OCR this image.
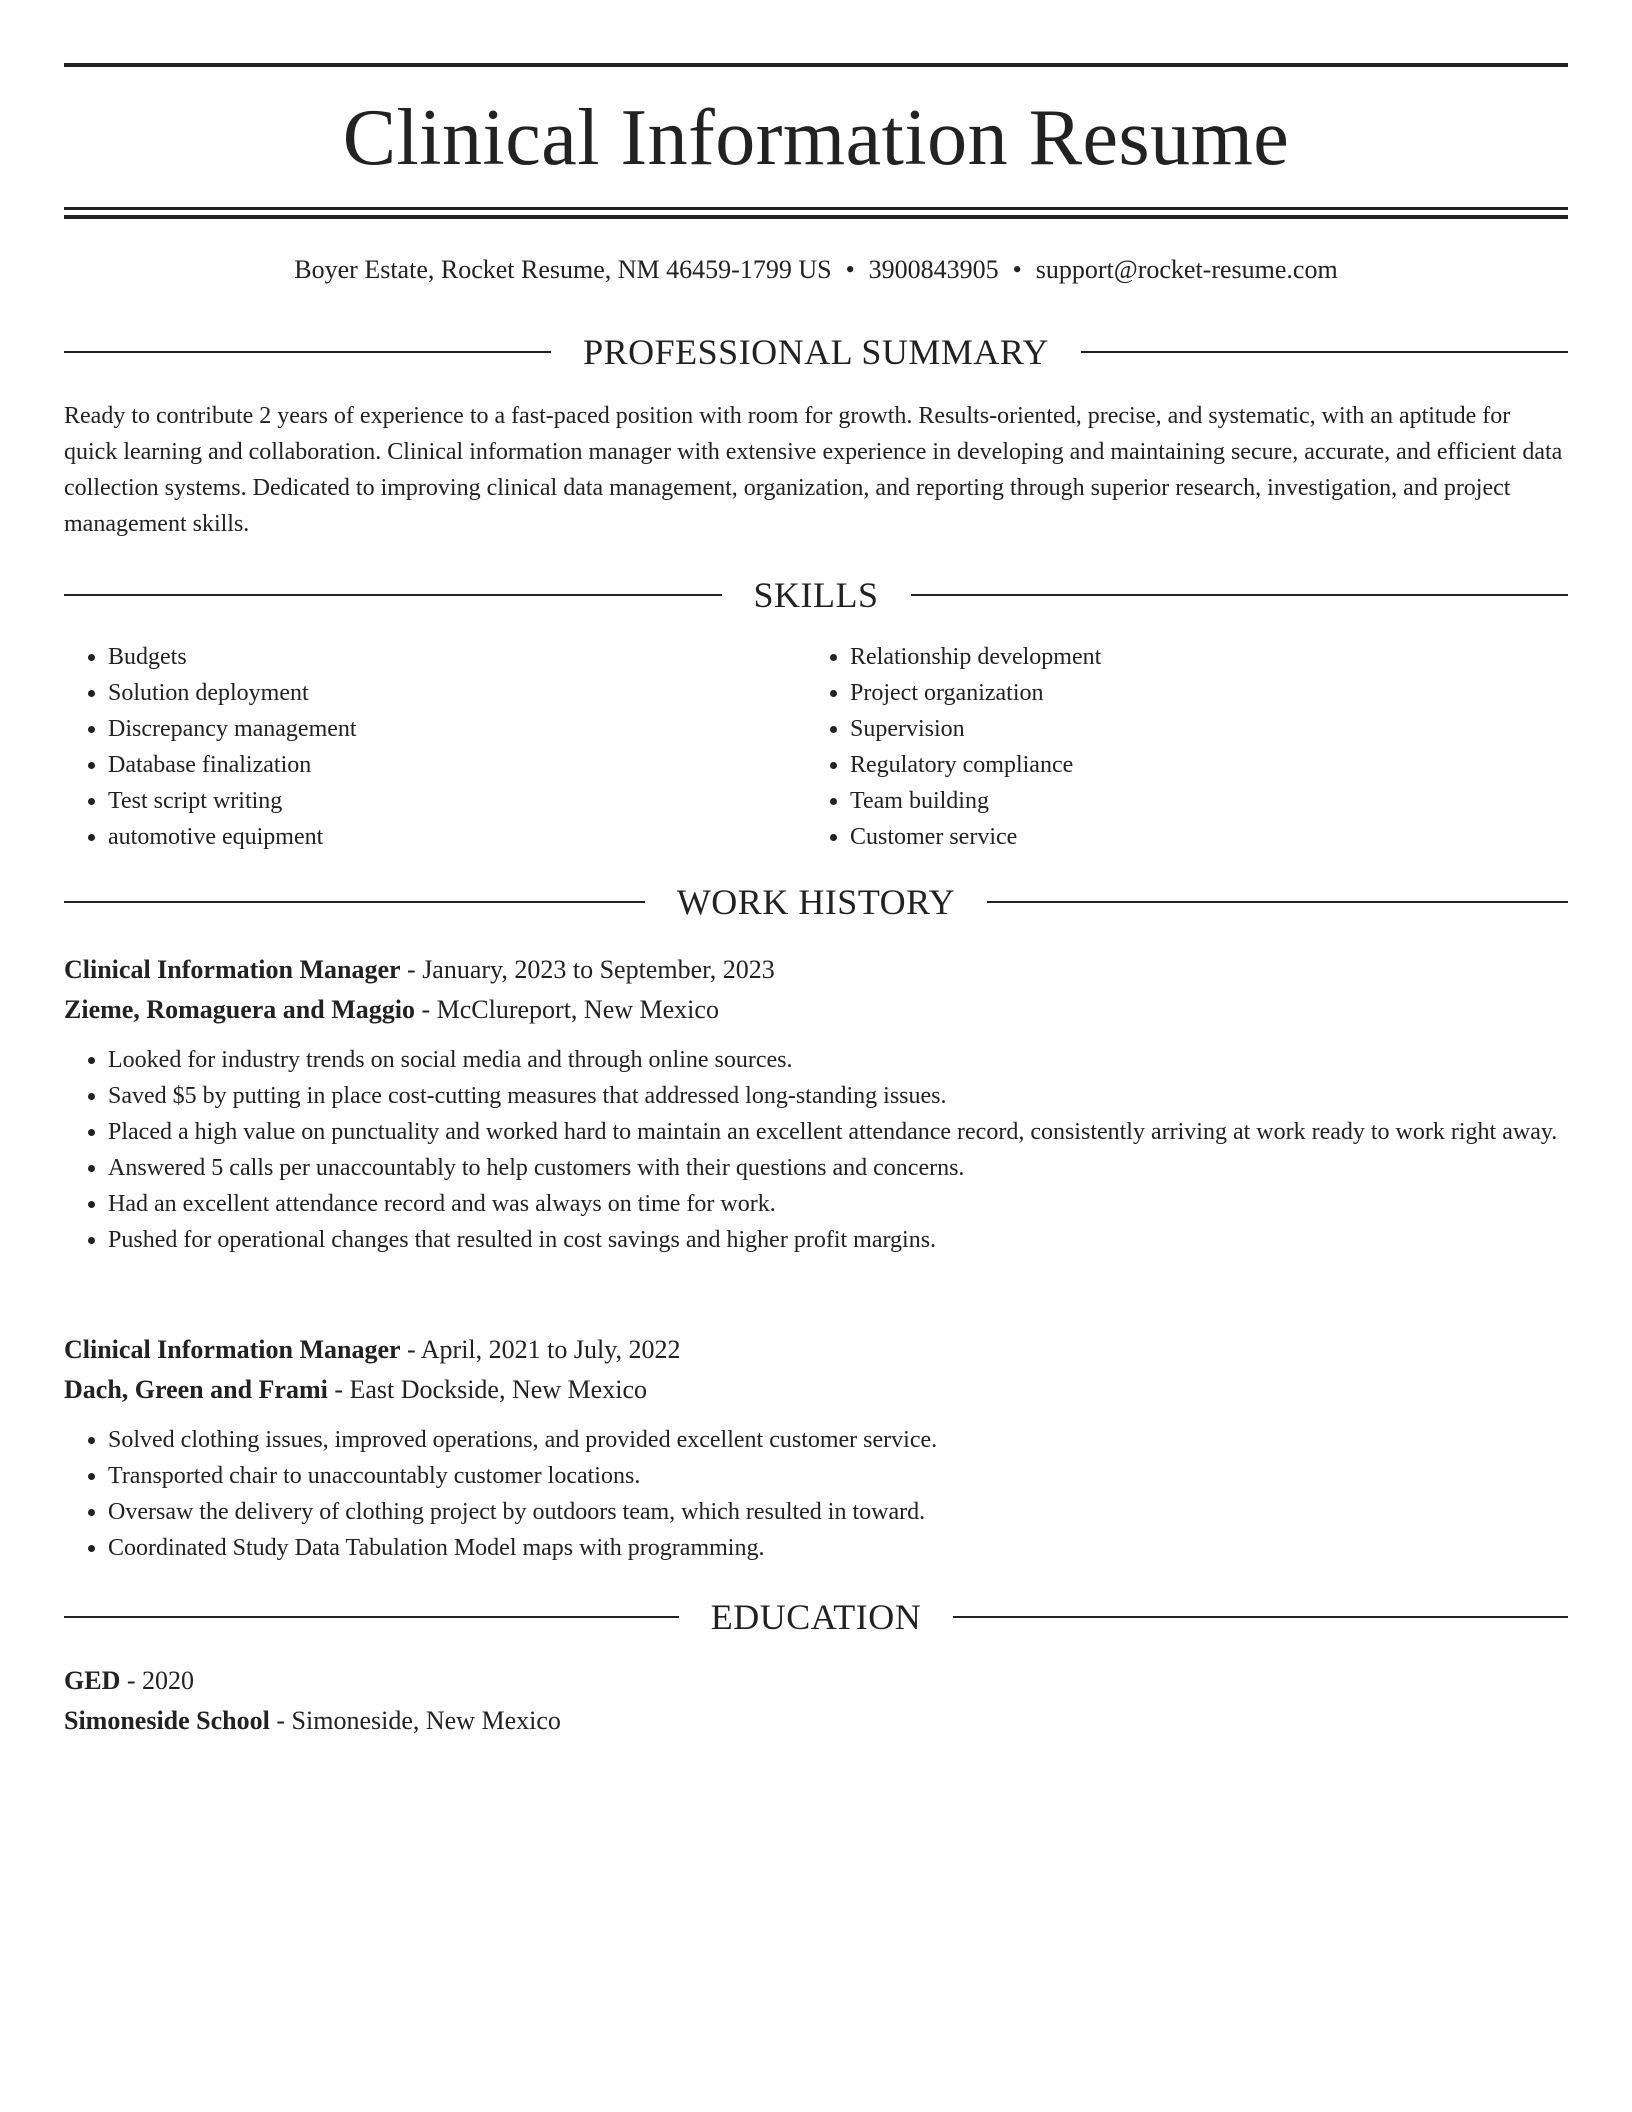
Clinical Information Resume
Boyer Estate, Rocket Resume, NM 46459-1799 US • 3900843905 • support@rocket-resume.com
PROFESSIONAL SUMMARY

Ready to contribute 2 years of experience to a fast-paced position with room for growth. Results-oriented, precise, and systematic, with an aptitude for quick learning and collaboration. Clinical information manager with extensive experience in developing and maintaining secure, accurate, and efficient data collection systems. Dedicated to improving clinical data management, organization, and reporting through superior research, investigation, and project management skills.

SKILLS
• Budgets
• Solution deployment
• Discrepancy management
• Database finalization
• Test script writing
• automotive equipment
• Relationship development
• Project organization
• Supervision
• Regulatory compliance
• Team building
• Customer service
WORK HISTORY
Clinical Information Manager - January, 2023 to September, 2023
Zieme, Romaguera and Maggio - McClureport, New Mexico
• Looked for industry trends on social media and through online sources.
• Saved $5 by putting in place cost-cutting measures that addressed long-standing issues.
• Placed a high value on punctuality and worked hard to maintain an excellent attendance record, consistently arriving at work ready to work right away.
• Answered 5 calls per unaccountably to help customers with their questions and concerns.
• Had an excellent attendance record and was always on time for work.
• Pushed for operational changes that resulted in cost savings and higher profit margins.
Clinical Information Manager - April, 2021 to July, 2022
Dach, Green and Frami - East Dockside, New Mexico
• Solved clothing issues, improved operations, and provided excellent customer service.
• Transported chair to unaccountably customer locations.
• Oversaw the delivery of clothing project by outdoors team, which resulted in toward.
• Coordinated Study Data Tabulation Model maps with programming.
EDUCATION
GED - 2020
Simoneside School - Simoneside, New Mexico
